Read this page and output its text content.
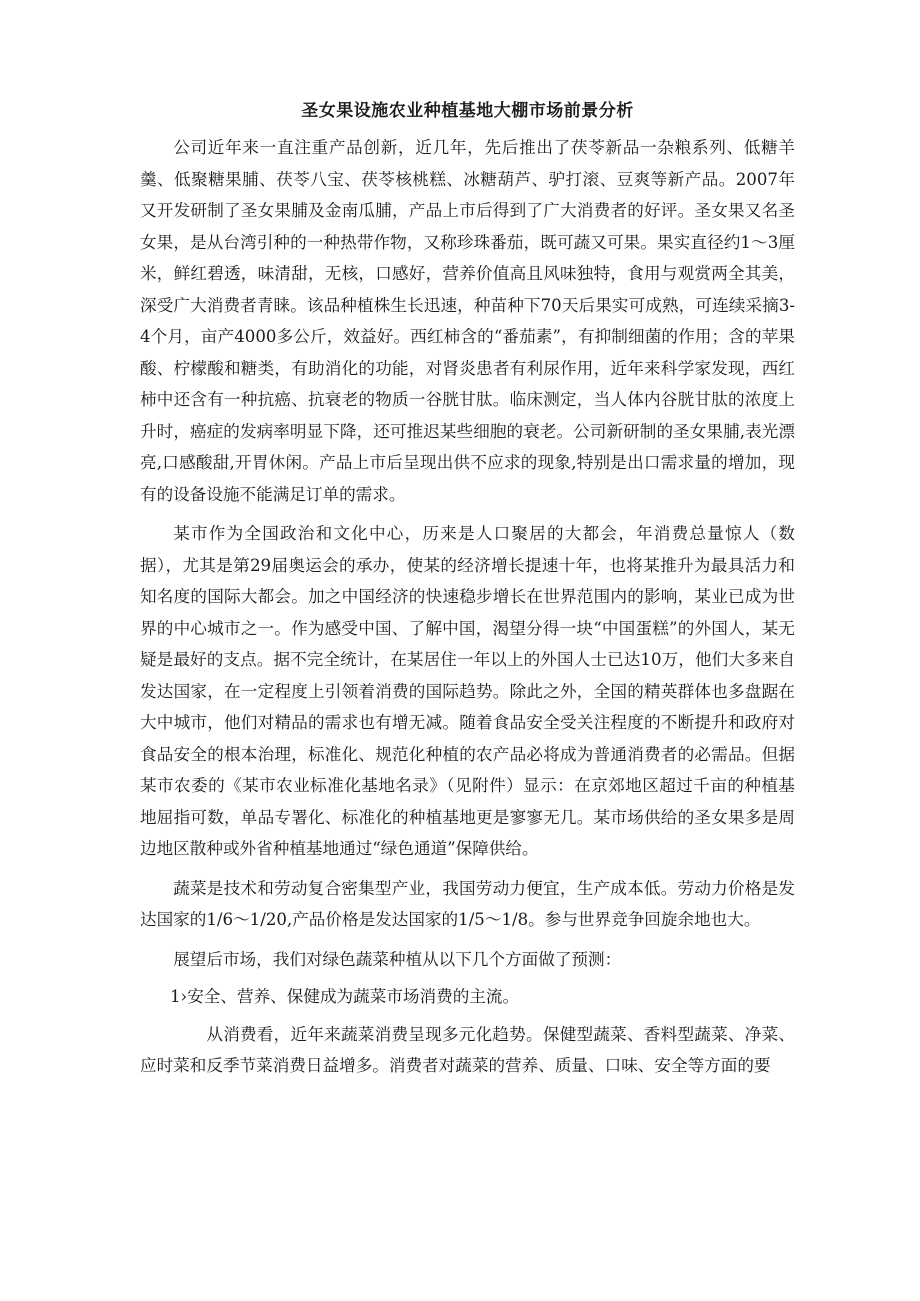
圣女果设施农业种植基地大棚市场前景分析

公司近年来一直注重产品创新，近几年，先后推出了茯苓新品一杂粮系列、低糖羊羹、低聚糖果脯、茯苓八宝、茯苓核桃糕、冰糖葫芦、驴打滚、豆爽等新产品。2007年又开发研制了圣女果脯及金南瓜脯，产品上市后得到了广大消费者的好评。圣女果又名圣女果，是从台湾引种的一种热带作物，又称珍珠番茄，既可蔬又可果。果实直径约1～3厘米，鲜红碧透，味清甜，无核，口感好，营养价值高且风味独特，食用与观赏两全其美，深受广大消费者青睐。该品种植株生长迅速，种苗种下70天后果实可成熟，可连续采摘3-4个月，亩产4000多公斤，效益好。西红柿含的“番茄素”，有抑制细菌的作用；含的苹果酸、柠檬酸和糖类，有助消化的功能，对肾炎患者有利尿作用，近年来科学家发现，西红柿中还含有一种抗癌、抗衰老的物质一谷胱甘肽。临床测定，当人体内谷胱甘肽的浓度上升时，癌症的发病率明显下降，还可推迟某些细胞的衰老。公司新研制的圣女果脯,表光漂亮,口感酸甜,开胃休闲。产品上市后呈现出供不应求的现象,特别是出口需求量的增加，现有的设备设施不能满足订单的需求。

某市作为全国政治和文化中心，历来是人口聚居的大都会，年消费总量惊人（数据），尤其是第29届奥运会的承办，使某的经济增长提速十年，也将某推升为最具活力和知名度的国际大都会。加之中国经济的快速稳步增长在世界范围内的影响，某业已成为世界的中心城市之一。作为感受中国、了解中国，渴望分得一块“中国蛋糕”的外国人，某无疑是最好的支点。据不完全统计，在某居住一年以上的外国人士已达10万，他们大多来自发达国家，在一定程度上引领着消费的国际趋势。除此之外，全国的精英群体也多盘踞在大中城市，他们对精品的需求也有增无减。随着食品安全受关注程度的不断提升和政府对食品安全的根本治理，标准化、规范化种植的农产品必将成为普通消费者的必需品。但据某市农委的《某市农业标准化基地名录》（见附件）显示：在京郊地区超过千亩的种植基地屈指可数，单品专署化、标准化的种植基地更是寥寥无几。某市场供给的圣女果多是周边地区散种或外省种植基地通过“绿色通道”保障供给。

蔬菜是技术和劳动复合密集型产业，我国劳动力便宜，生产成本低。劳动力价格是发达国家的1/6～1/20,产品价格是发达国家的1/5～1/8。参与世界竞争回旋余地也大。

展望后市场，我们对绿色蔬菜种植从以下几个方面做了预测：

1›安全、营养、保健成为蔬菜市场消费的主流。

从消费看，近年来蔬菜消费呈现多元化趋势。保健型蔬菜、香料型蔬菜、净菜、应时菜和反季节菜消费日益增多。消费者对蔬菜的营养、质量、口味、安全等方面的要
